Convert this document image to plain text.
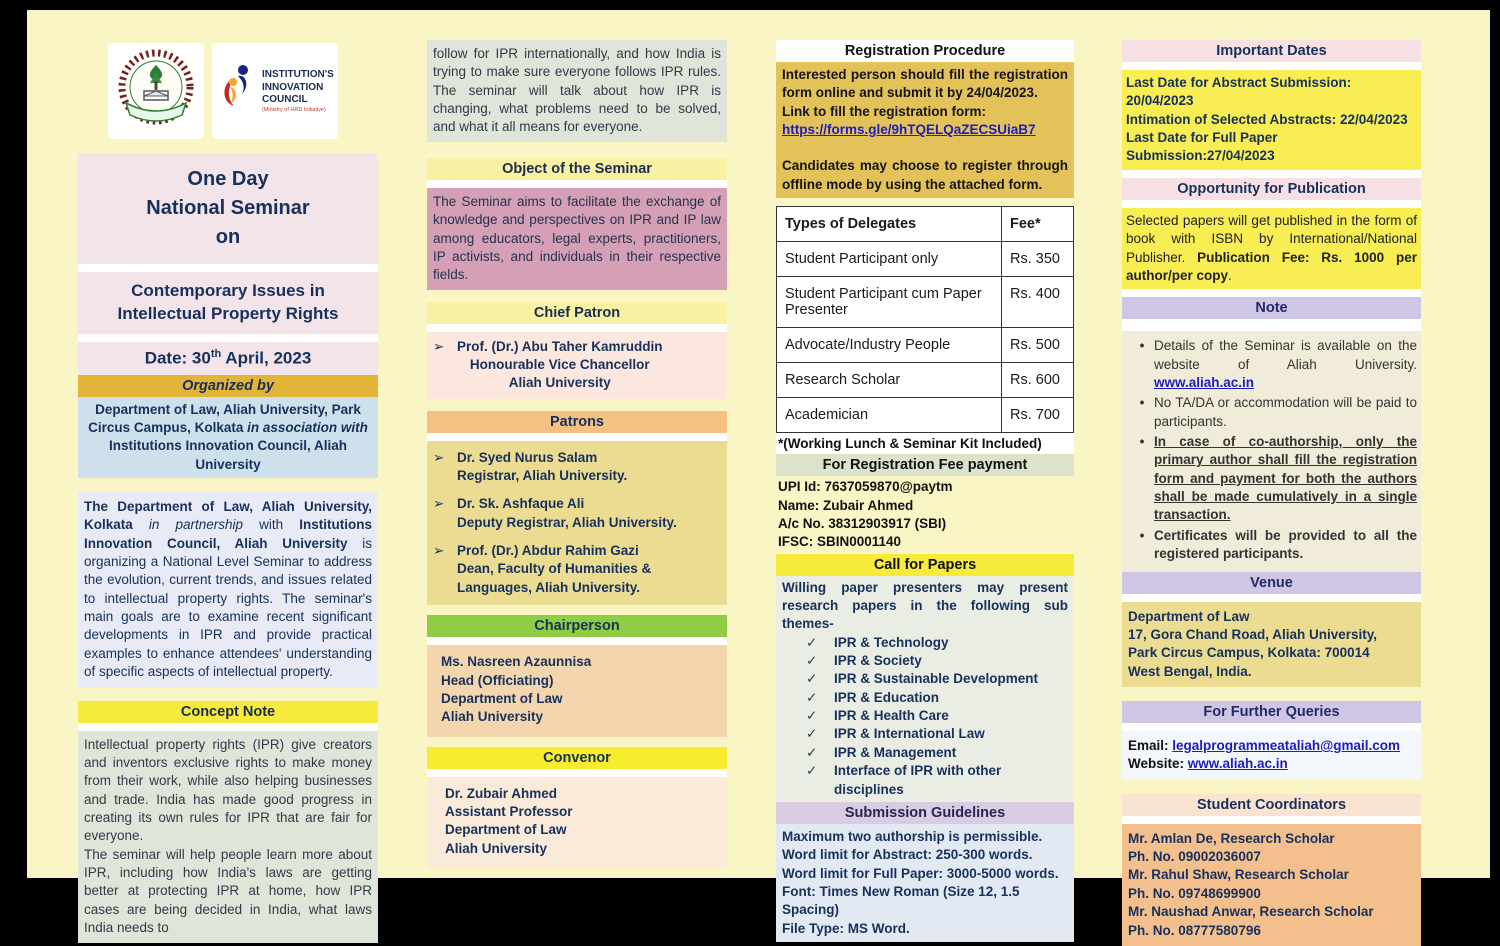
INSTITUTION'S
INNOVATION
COUNCIL
(Ministry of HRD Initiative)
One Day
National Seminar
on
Contemporary Issues in
Intellectual Property Rights
Date: 30th April, 2023
Organized by
Department of Law, Aliah University, Park Circus Campus, Kolkata in association with Institutions Innovation Council, Aliah University
The Department of Law, Aliah University, Kolkata in partnership with Institutions Innovation Council, Aliah University is organizing a National Level Seminar to address the evolution, current trends, and issues related to intellectual property rights. The seminar's main goals are to examine recent significant developments in IPR and provide practical examples to enhance attendees' understanding of specific aspects of intellectual property.
Concept Note
Intellectual property rights (IPR) give creators and inventors exclusive rights to make money from their work, while also helping businesses and trade. India has made good progress in creating its own rules for IPR that are fair for everyone.
The seminar will help people learn more about IPR, including how India's laws are getting better at protecting IPR at home, how IPR cases are being decided in India, what laws India needs to
follow for IPR internationally, and how India is trying to make sure everyone follows IPR rules. The seminar will talk about how IPR is changing, what problems need to be solved, and what it all means for everyone.
Object of the Seminar
The Seminar aims to facilitate the exchange of knowledge and perspectives on IPR and IP law among educators, legal experts, practitioners, IP activists, and individuals in their respective fields.
Chief Patron
➢ Prof. (Dr.) Abu Taher Kamruddin
Honourable Vice Chancellor
Aliah University
Patrons
➢ Dr. Syed Nurus Salam
Registrar, Aliah University.
➢ Dr. Sk. Ashfaque Ali
Deputy Registrar, Aliah University.
➢ Prof. (Dr.) Abdur Rahim Gazi
Dean, Faculty of Humanities & Languages, Aliah University.
Chairperson
Ms. Nasreen Azaunnisa
Head (Officiating)
Department of Law
Aliah University
Convenor
Dr. Zubair Ahmed
Assistant Professor
Department of Law
Aliah University
Registration Procedure
Interested person should fill the registration form online and submit it by 24/04/2023.
Link to fill the registration form:
https://forms.gle/9hTQELQaZECSUiaB7
Candidates may choose to register through offline mode by using the attached form.
Types of Delegates	Fee*
Student Participant only	Rs. 350
Student Participant cum Paper Presenter	Rs. 400
Advocate/Industry People	Rs. 500
Research Scholar	Rs. 600
Academician	Rs. 700
*(Working Lunch & Seminar Kit Included)
For Registration Fee payment
UPI Id: 7637059870@paytm
Name: Zubair Ahmed
A/c No. 38312903917 (SBI)
IFSC: SBIN0001140
Call for Papers
Willing paper presenters may present research papers in the following sub themes-
✓	IPR & Technology
✓	IPR & Society
✓	IPR & Sustainable Development
✓	IPR & Education
✓	IPR & Health Care
✓	IPR & International Law
✓	IPR & Management
✓	Interface of IPR with other disciplines
Submission Guidelines
Maximum two authorship is permissible.
Word limit for Abstract: 250-300 words.
Word limit for Full Paper: 3000-5000 words.
Font: Times New Roman (Size 12, 1.5 Spacing)
File Type: MS Word.
Important Dates
Last Date for Abstract Submission: 20/04/2023
Intimation of Selected Abstracts: 22/04/2023
Last Date for Full Paper Submission:27/04/2023
Opportunity for Publication
Selected papers will get published in the form of book with ISBN by International/National Publisher. Publication Fee: Rs. 1000 per author/per copy.
Note
• Details of the Seminar is available on the website of Aliah University. www.aliah.ac.in
• No TA/DA or accommodation will be paid to participants.
• In case of co-authorship, only the primary author shall fill the registration form and payment for both the authors shall be made cumulatively in a single transaction.
• Certificates will be provided to all the registered participants.
Venue
Department of Law
17, Gora Chand Road, Aliah University,
Park Circus Campus, Kolkata: 700014
West Bengal, India.
For Further Queries
Email: legalprogrammeataliah@gmail.com
Website: www.aliah.ac.in
Student Coordinators
Mr. Amlan De, Research Scholar
Ph. No. 09002036007
Mr. Rahul Shaw, Research Scholar
Ph. No. 09748699900
Mr. Naushad Anwar, Research Scholar
Ph. No. 08777580796
